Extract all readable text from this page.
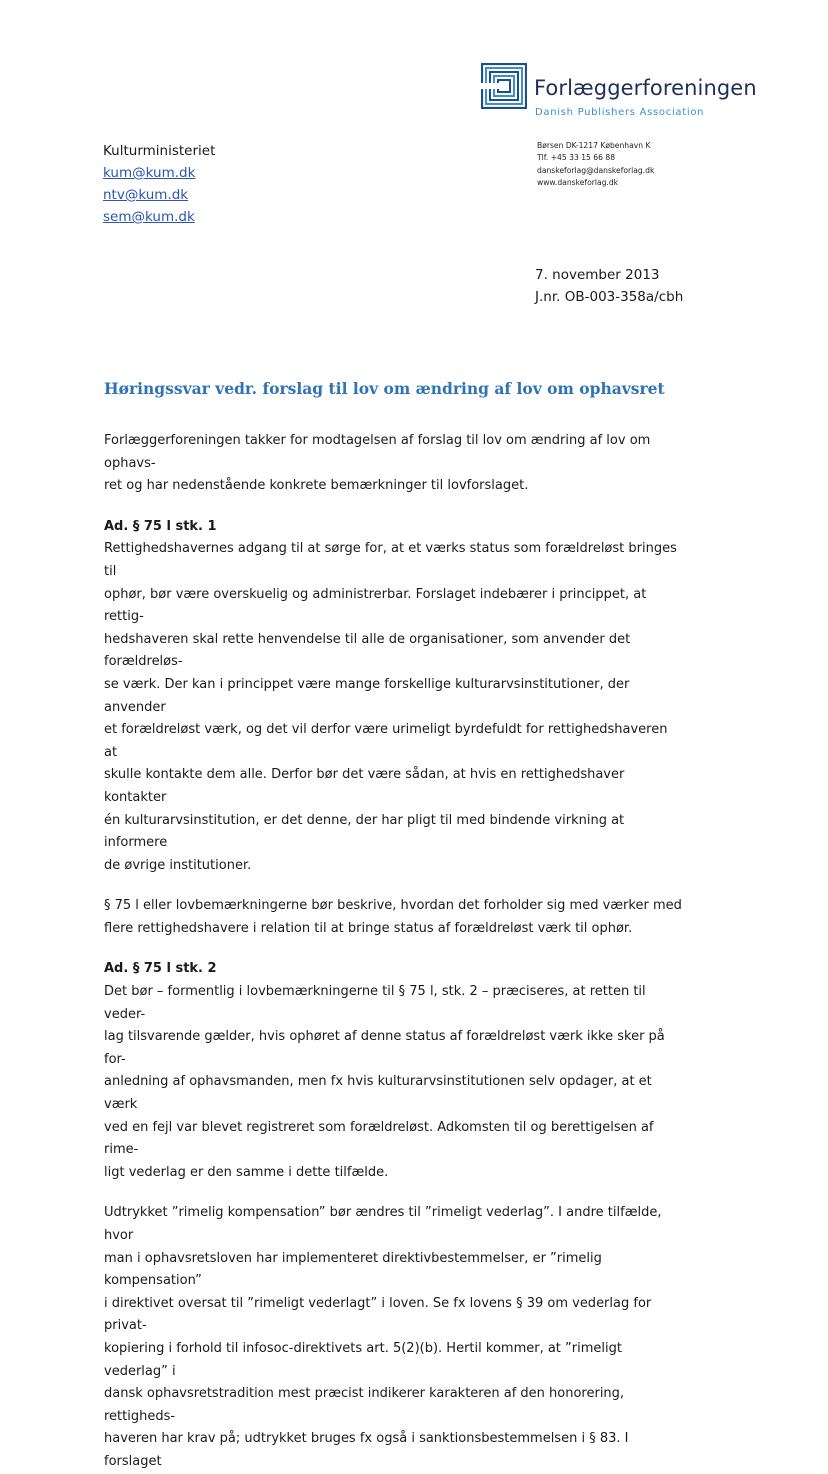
Forlæggerforeningen
Danish Publishers Association
Kulturministeriet
kum@kum.dk
ntv@kum.dk
sem@kum.dk
Børsen DK-1217 København K
Tlf. +45 33 15 66 88
danskeforlag@danskeforlag.dk
www.danskeforlag.dk
7. november 2013
J.nr. OB-003-358a/cbh
Høringssvar vedr. forslag til lov om ændring af lov om ophavsret

Forlæggerforeningen takker for modtagelsen af forslag til lov om ændring af lov om ophavs-
ret og har nedenstående konkrete bemærkninger til lovforslaget.

Ad. § 75 l stk. 1

Rettighedshavernes adgang til at sørge for, at et værks status som forældreløst bringes til
ophør, bør være overskuelig og administrerbar. Forslaget indebærer i princippet, at rettig-
hedshaveren skal rette henvendelse til alle de organisationer, som anvender det forældreløs-
se værk. Der kan i princippet være mange forskellige kulturarvsinstitutioner, der anvender
et forældreløst værk, og det vil derfor være urimeligt byrdefuldt for rettighedshaveren at
skulle kontakte dem alle. Derfor bør det være sådan, at hvis en rettighedshaver kontakter
én kulturarvsinstitution, er det denne, der har pligt til med bindende virkning at informere
de øvrige institutioner.

§ 75 l eller lovbemærkningerne bør beskrive, hvordan det forholder sig med værker med
flere rettighedshavere i relation til at bringe status af forældreløst værk til ophør.

Ad. § 75 l stk. 2

Det bør – formentlig i lovbemærkningerne til § 75 l, stk. 2 – præciseres, at retten til veder-
lag tilsvarende gælder, hvis ophøret af denne status af forældreløst værk ikke sker på for-
anledning af ophavsmanden, men fx hvis kulturarvsinstitutionen selv opdager, at et værk
ved en fejl var blevet registreret som forældreløst. Adkomsten til og berettigelsen af rime-
ligt vederlag er den samme i dette tilfælde.

Udtrykket ”rimelig kompensation” bør ændres til ”rimeligt vederlag”. I andre tilfælde, hvor
man i ophavsretsloven har implementeret direktivbestemmelser, er ”rimelig kompensation”
i direktivet oversat til ”rimeligt vederlagt” i loven. Se fx lovens § 39 om vederlag for privat-
kopiering i forhold til infosoc-direktivets art. 5(2)(b). Hertil kommer, at ”rimeligt vederlag” i
dansk ophavsretstradition mest præcist indikerer karakteren af den honorering, rettigheds-
haveren har krav på; udtrykket bruges fx også i sanktionsbestemmelsen i § 83. I forslaget
